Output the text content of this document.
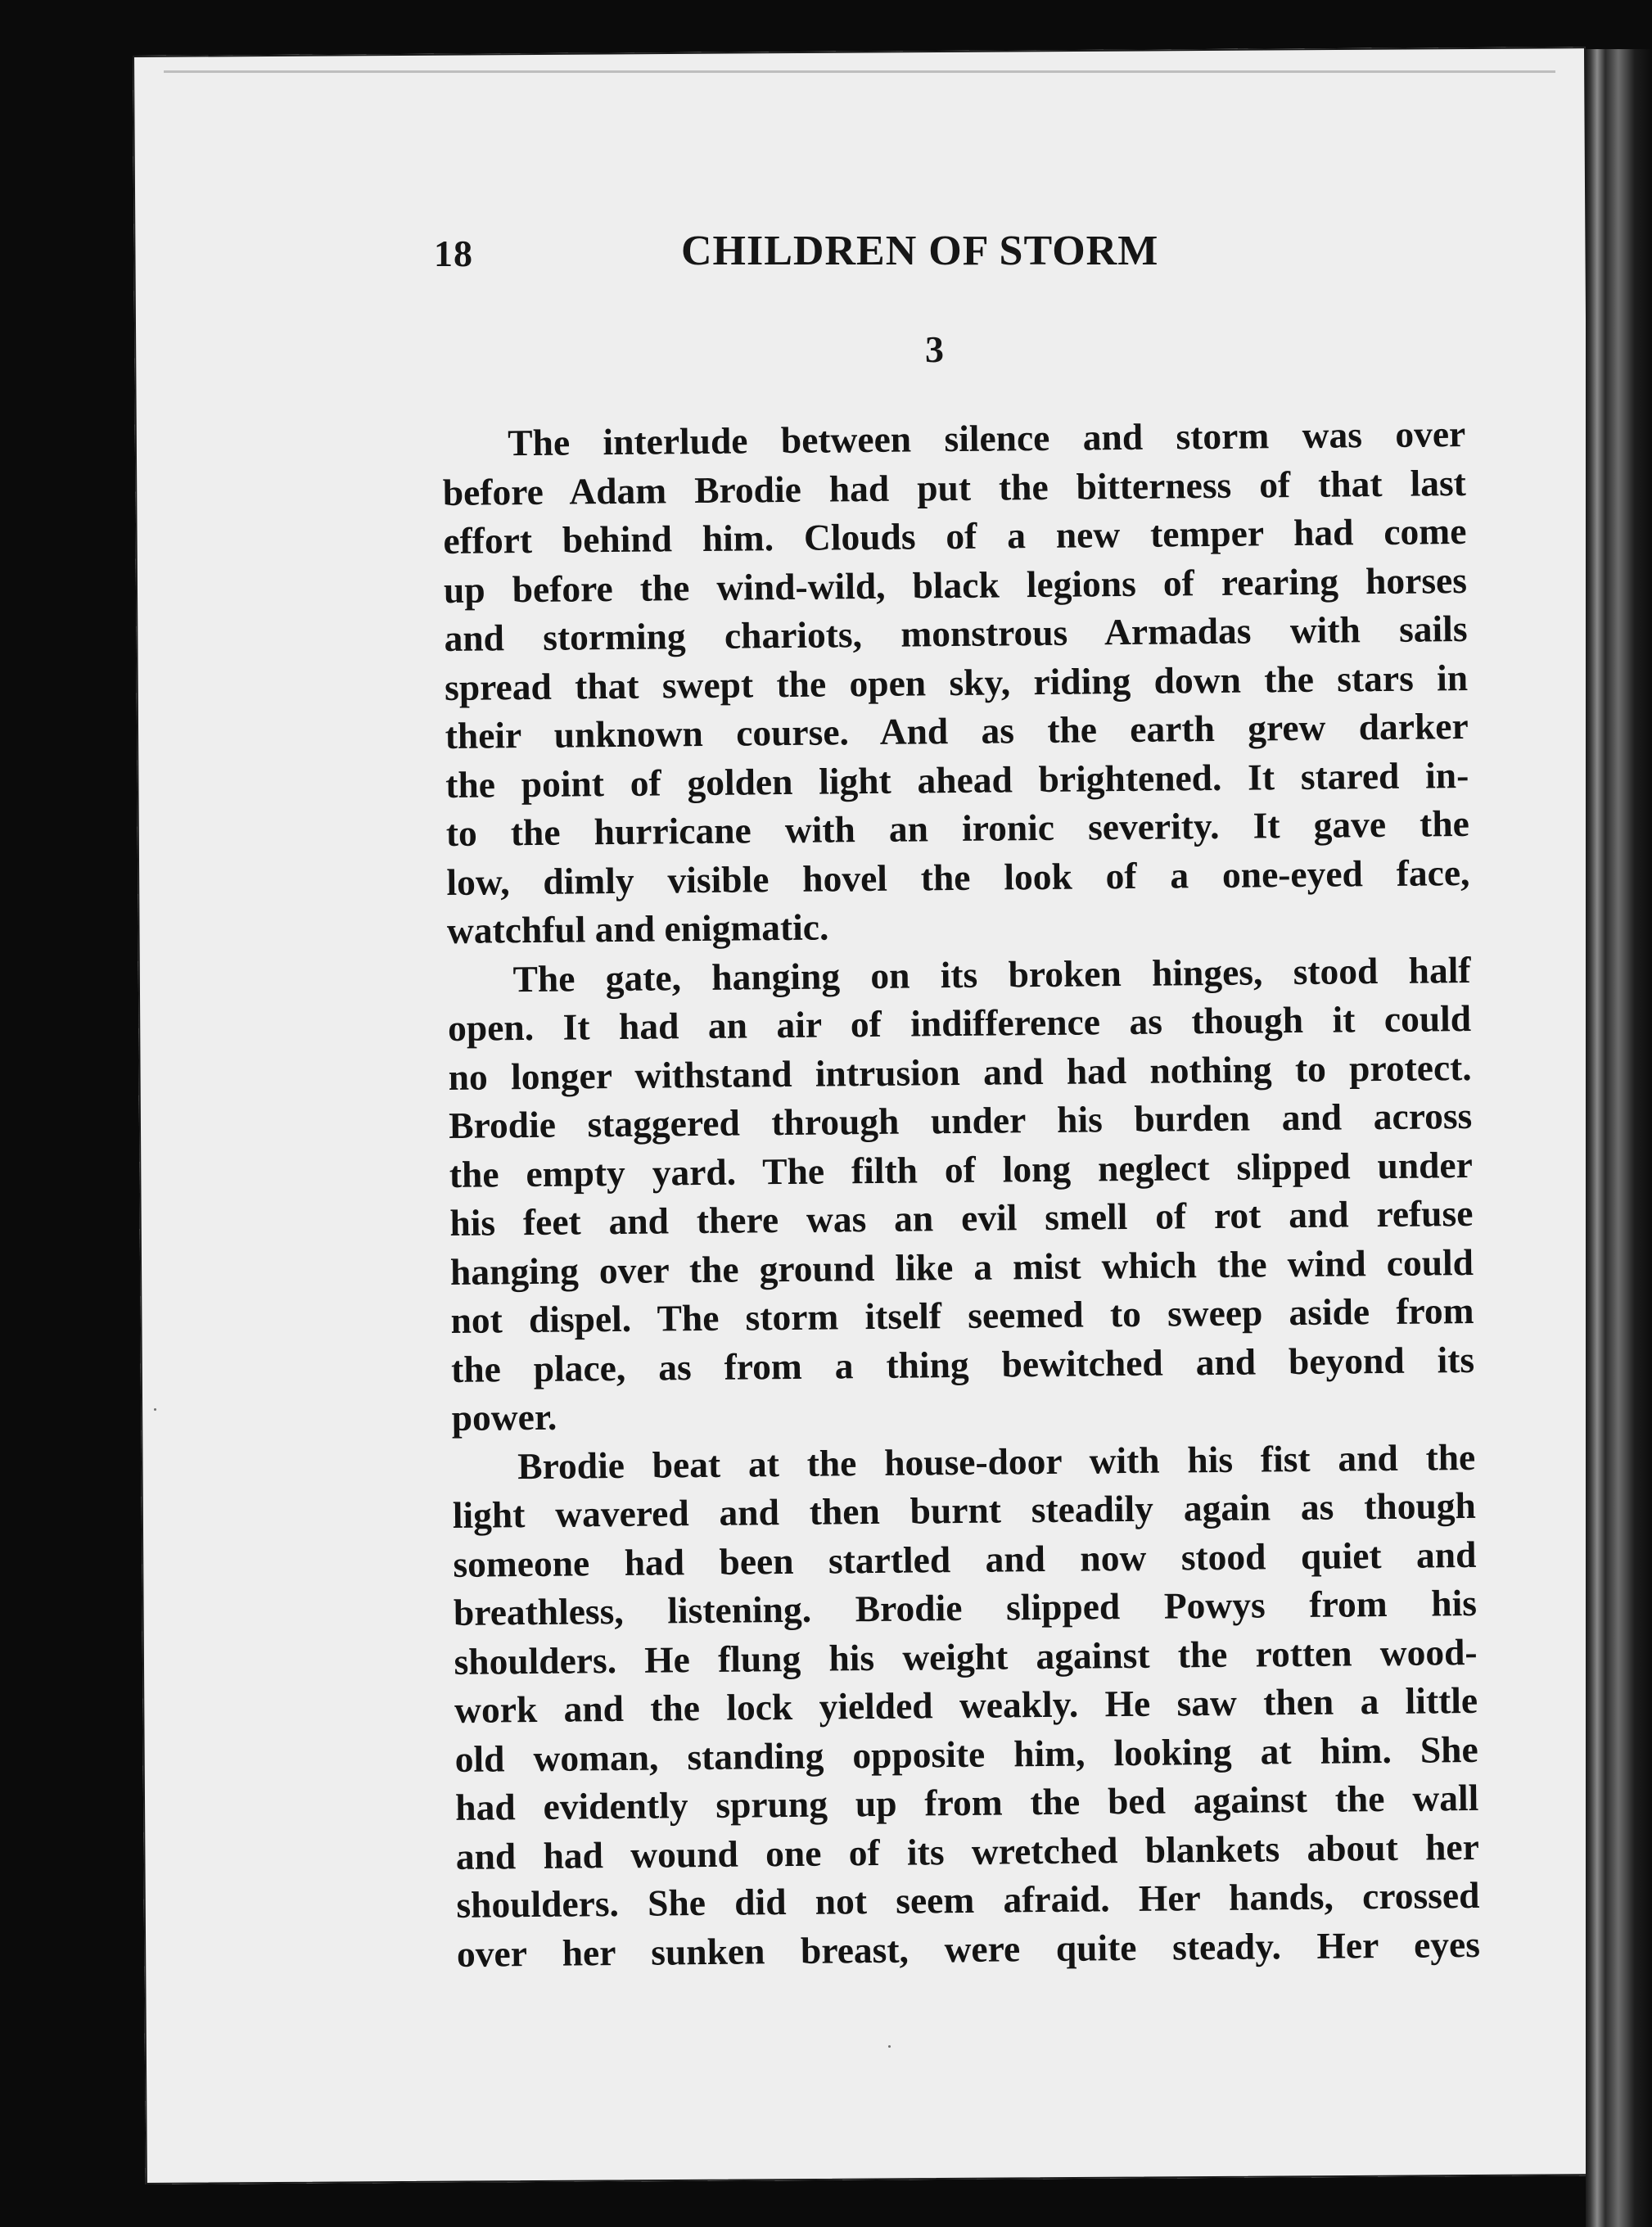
18	CHILDREN OF STORM
3
The interlude between silence and storm was over
before Adam Brodie had put the bitterness of that last
effort behind him. Clouds of a new temper had come
up before the wind-wild, black legions of rearing horses
and storming chariots, monstrous Armadas with sails
spread that swept the open sky, riding down the stars in
their unknown course. And as the earth grew darker
the point of golden light ahead brightened. It stared in-
to the hurricane with an ironic severity. It gave the
low, dimly visible hovel the look of a one-eyed face,
watchful and enigmatic.
The gate, hanging on its broken hinges, stood half
open. It had an air of indifference as though it could
no longer withstand intrusion and had nothing to protect.
Brodie staggered through under his burden and across
the empty yard. The filth of long neglect slipped under
his feet and there was an evil smell of rot and refuse
hanging over the ground like a mist which the wind could
not dispel. The storm itself seemed to sweep aside from
the place, as from a thing bewitched and beyond its
power.
Brodie beat at the house-door with his fist and the
light wavered and then burnt steadily again as though
someone had been startled and now stood quiet and
breathless, listening. Brodie slipped Powys from his
shoulders. He flung his weight against the rotten wood-
work and the lock yielded weakly. He saw then a little
old woman, standing opposite him, looking at him. She
had evidently sprung up from the bed against the wall
and had wound one of its wretched blankets about her
shoulders. She did not seem afraid. Her hands, crossed
over her sunken breast, were quite steady. Her eyes
